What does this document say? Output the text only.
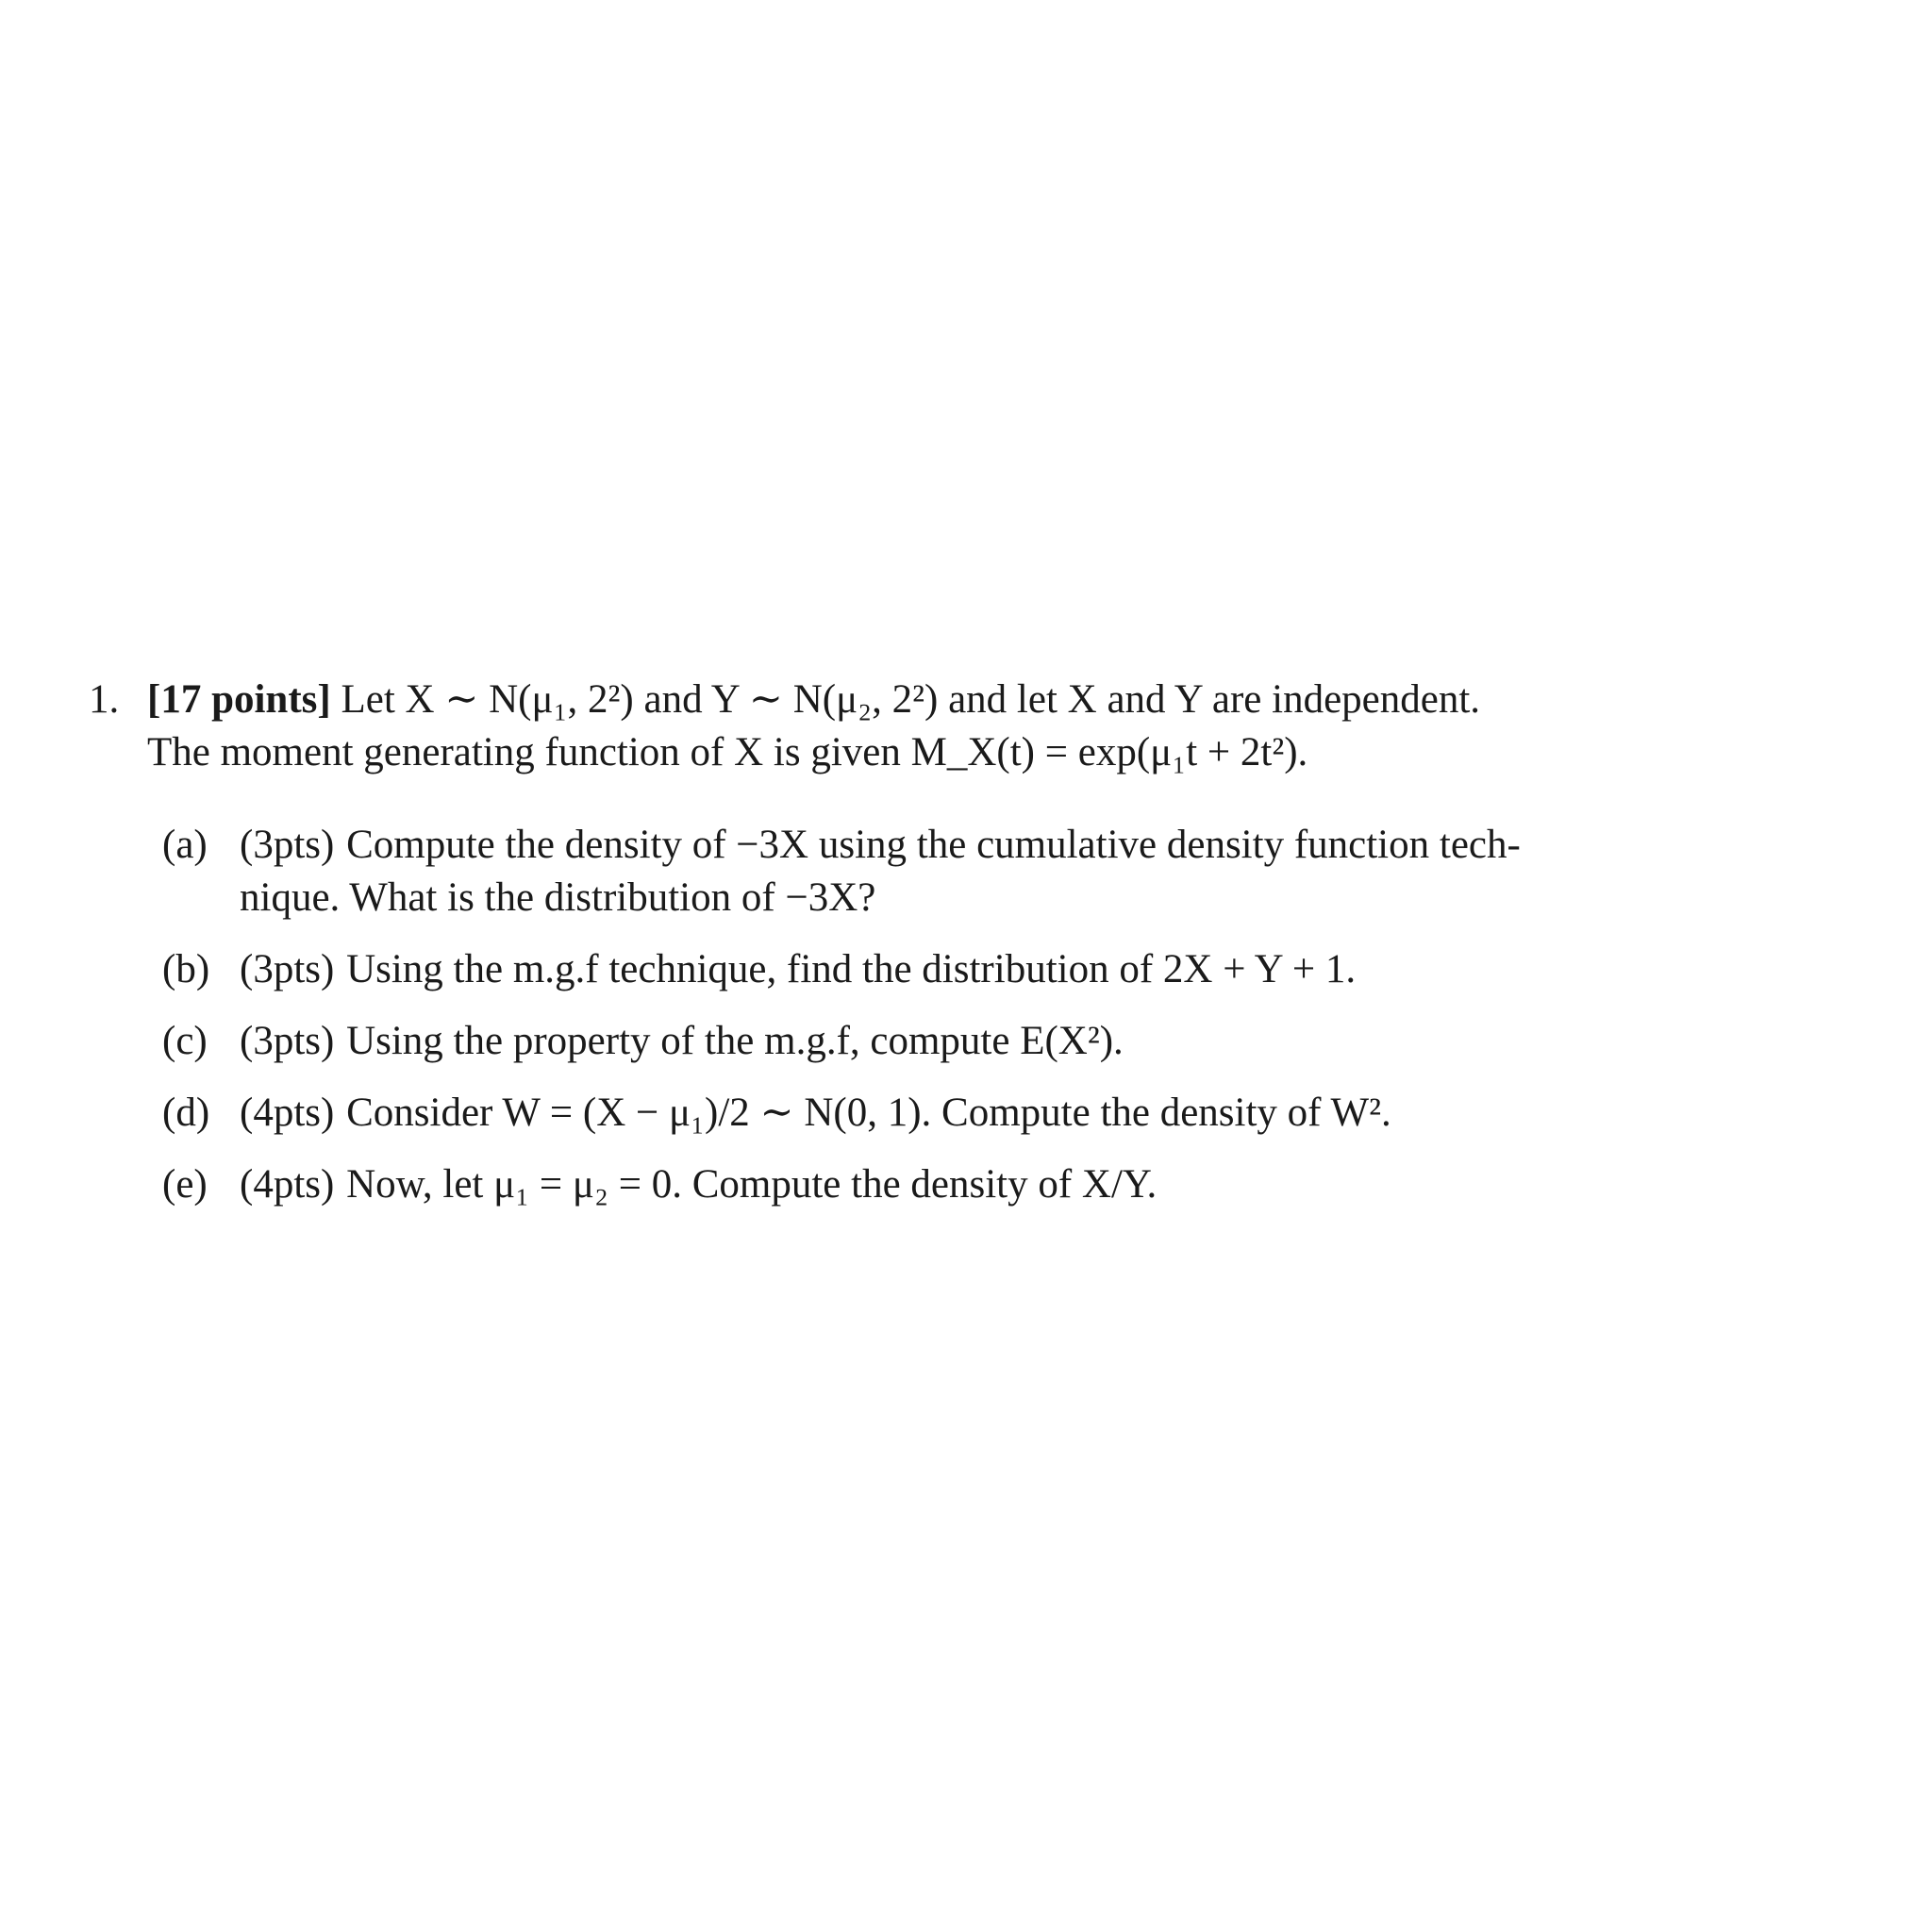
1. [17 points] Let X ∼ N(μ₁, 2²) and Y ∼ N(μ₂, 2²) and let X and Y are independent.
The moment generating function of X is given M_X(t) = exp(μ₁t + 2t²).
(a) (3pts) Compute the density of −3X using the cumulative density function tech-
nique. What is the distribution of −3X?
(b) (3pts) Using the m.g.f technique, find the distribution of 2X + Y + 1.
(c) (3pts) Using the property of the m.g.f, compute E(X²).
(d) (4pts) Consider W = (X − μ₁)/2 ∼ N(0, 1). Compute the density of W².
(e) (4pts) Now, let μ₁ = μ₂ = 0. Compute the density of X/Y.
